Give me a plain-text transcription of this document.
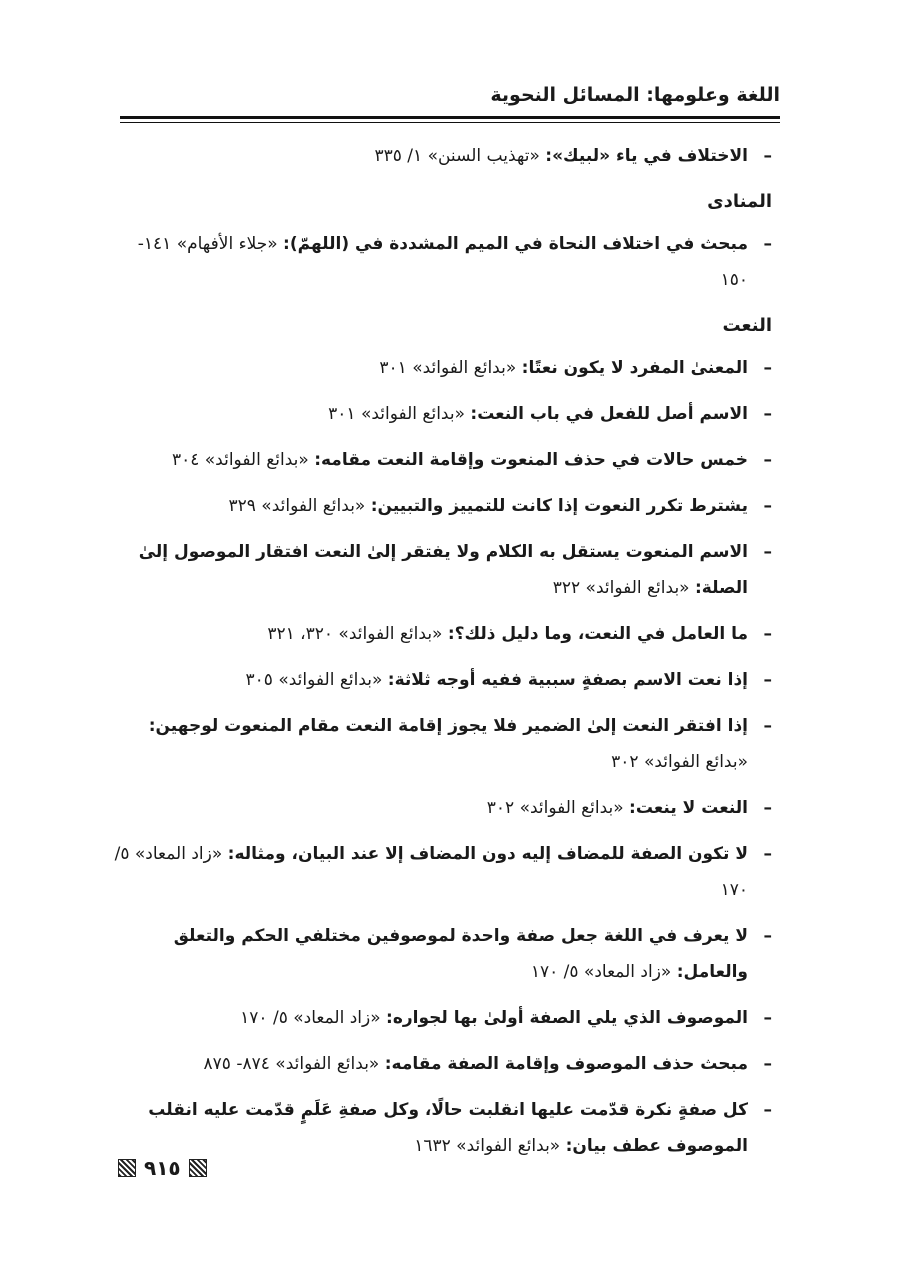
اللغة وعلومها: المسائل النحوية
–
الاختلاف في ياء «لبيك»: «تهذيب السنن» ١/ ٣٣٥
المنادى
–
مبحث في اختلاف النحاة في الميم المشددة في (اللهمّ): «جلاء الأفهام» ١٤١- ١٥٠
النعت
–
المعنىٰ المفرد لا يكون نعتًا: «بدائع الفوائد» ٣٠١
–
الاسم أصل للفعل في باب النعت: «بدائع الفوائد» ٣٠١
–
خمس حالات في حذف المنعوت وإقامة النعت مقامه: «بدائع الفوائد» ٣٠٤
–
يشترط تكرر النعوت إذا كانت للتمييز والتبيين: «بدائع الفوائد» ٣٢٩
–
الاسم المنعوت يستقل به الكلام ولا يفتقر إلىٰ النعت افتقار الموصول إلىٰ الصلة: «بدائع الفوائد» ٣٢٢
–
ما العامل في النعت، وما دليل ذلك؟: «بدائع الفوائد» ٣٢٠، ٣٢١
–
إذا نعت الاسم بصفةٍ سببية ففيه أوجه ثلاثة: «بدائع الفوائد» ٣٠٥
–
إذا افتقر النعت إلىٰ الضمير فلا يجوز إقامة النعت مقام المنعوت لوجهين: «بدائع الفوائد» ٣٠٢
–
النعت لا ينعت: «بدائع الفوائد» ٣٠٢
–
لا تكون الصفة للمضاف إليه دون المضاف إلا عند البيان، ومثاله: «زاد المعاد» ٥/ ١٧٠
–
لا يعرف في اللغة جعل صفة واحدة لموصوفين مختلفي الحكم والتعلق والعامل: «زاد المعاد» ٥/ ١٧٠
–
الموصوف الذي يلي الصفة أولىٰ بها لجواره: «زاد المعاد» ٥/ ١٧٠
–
مبحث حذف الموصوف وإقامة الصفة مقامه: «بدائع الفوائد» ٨٧٤- ٨٧٥
–
كل صفةٍ نكرة قدّمت عليها انقلبت حالًا، وكل صفةِ عَلَمٍ قدّمت عليه انقلب الموصوف عطف بيان: «بدائع الفوائد» ١٦٣٢
٩١٥
